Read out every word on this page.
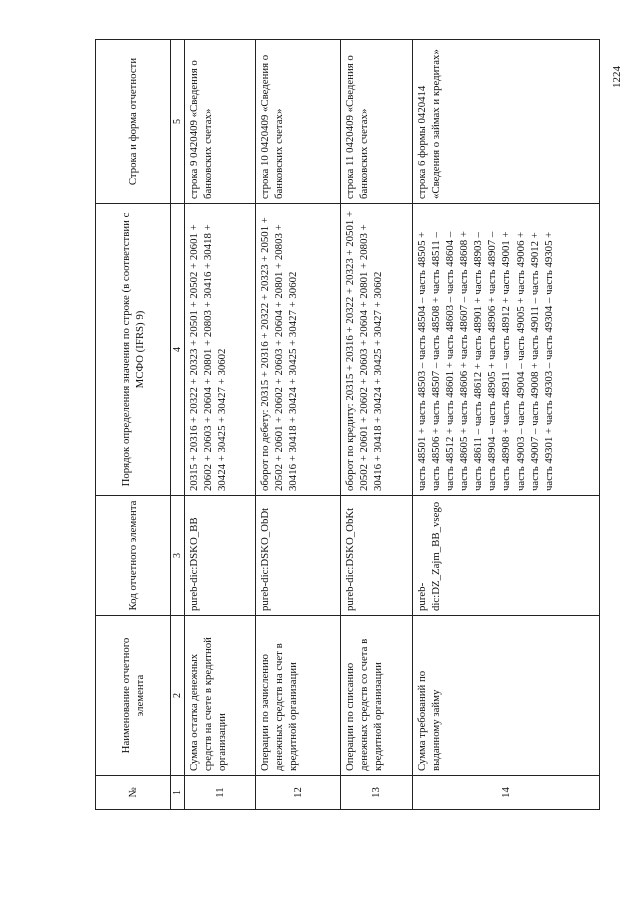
1224
№	Наименование отчетного элемента	Код отчетного элемента	Порядок определения значения по строке (в соответствии с МСФО (IFRS) 9)	Строка и форма отчетности
1	2	3	4	5
11	Сумма остатка денежных средств на счете в кредитной организации	pureb-dic:DSKO_BB	20315 + 20316 + 20322 + 20323 + 20501 + 20502 + 20601 + 20602 + 20603 + 20604 + 20801 + 20803 + 30416 + 30418 + 30424 + 30425 + 30427 + 30602	строка 9 0420409 «Сведения о банковских счетах»
12	Операции по зачислению денежных средств на счет в кредитной организации	pureb-dic:DSKO_ObDt	оборот по дебету: 20315 + 20316 + 20322 + 20323 + 20501 + 20502 + 20601 + 20602 + 20603 + 20604 + 20801 + 20803 + 30416 + 30418 + 30424 + 30425 + 30427 + 30602	строка 10 0420409 «Сведения о банковских счетах»
13	Операции по списанию денежных средств со счета в кредитной организации	pureb-dic:DSKO_ObKt	оборот по кредиту: 20315 + 20316 + 20322 + 20323 + 20501 + 20502 + 20601 + 20602 + 20603 + 20604 + 20801 + 20803 + 30416 + 30418 + 30424 + 30425 + 30427 + 30602	строка 11 0420409 «Сведения о банковских счетах»
14	Сумма требований по выданному займу	pureb-dic:DZ_Zajm_BB_vsego	часть 48501 + часть 48503 – часть 48504 – часть 48505 + часть 48506 + часть 48507 – часть 48508 + часть 48511 – часть 48512 + часть 48601 + часть 48603 – часть 48604 – часть 48605 + часть 48606 + часть 48607 – часть 48608 + часть 48611 – часть 48612 + часть 48901 + часть 48903 – часть 48904 – часть 48905 + часть 48906 + часть 48907 – часть 48908 + часть 48911 – часть 48912 + часть 49001 + часть 49003 – часть 49004 – часть 49005 + часть 49006 + часть 49007 – часть 49008 + часть 49011 – часть 49012 + часть 49301 + часть 49303 – часть 49304 – часть 49305 +	строка 6 формы 0420414 «Сведения о займах и кредитах»
